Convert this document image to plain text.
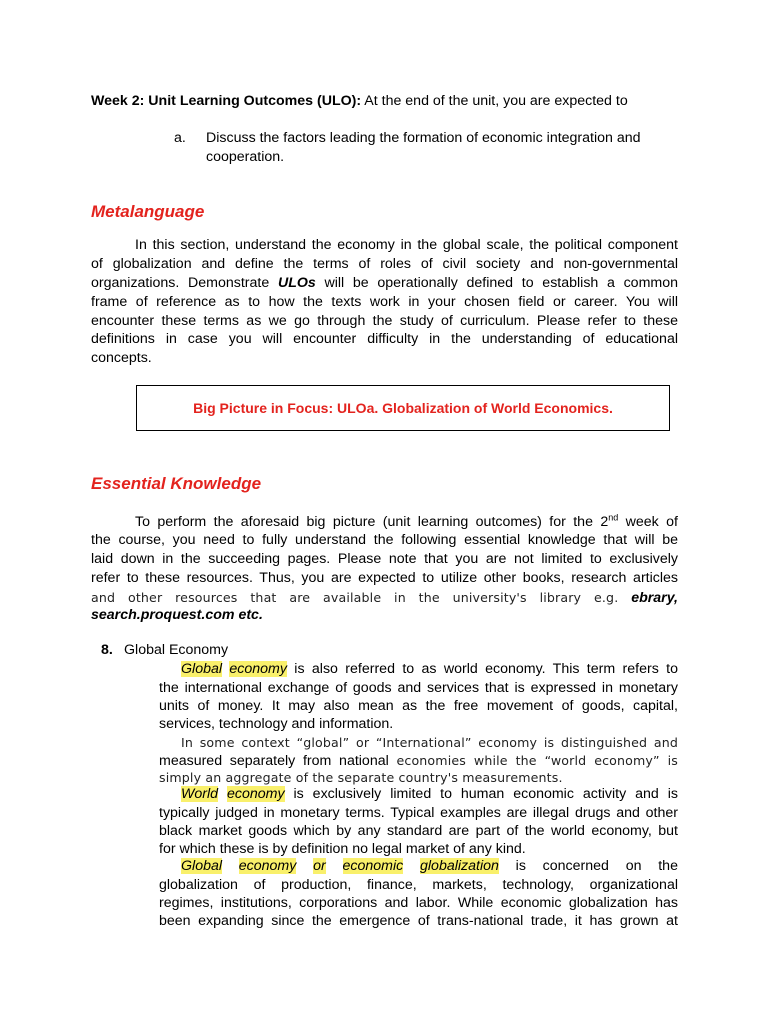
Week 2: Unit Learning Outcomes (ULO): At the end of the unit, you are expected to
a. Discuss the factors leading the formation of economic integration and
cooperation.
Metalanguage
In this section, understand the economy in the global scale, the political component
of globalization and define the terms of roles of civil society and non-governmental
organizations. Demonstrate ULOs will be operationally defined to establish a common
frame of reference as to how the texts work in your chosen field or career. You will
encounter these terms as we go through the study of curriculum. Please refer to these
definitions in case you will encounter difficulty in the understanding of educational
concepts.
Big Picture in Focus: ULOa. Globalization of World Economics.
Essential Knowledge
To perform the aforesaid big picture (unit learning outcomes) for the 2nd week of
the course, you need to fully understand the following essential knowledge that will be
laid down in the succeeding pages. Please note that you are not limited to exclusively
refer to these resources. Thus, you are expected to utilize other books, research articles
and other resources that are available in the university's library e.g. ebrary,
search.proquest.com etc.
8. Global Economy
Global economy is also referred to as world economy. This term refers to
the international exchange of goods and services that is expressed in monetary
units of money. It may also mean as the free movement of goods, capital,
services, technology and information.
In some context “global” or “International” economy is distinguished and
measured separately from national economies while the “world economy” is
simply an aggregate of the separate country's measurements.
World economy is exclusively limited to human economic activity and is
typically judged in monetary terms. Typical examples are illegal drugs and other
black market goods which by any standard are part of the world economy, but
for which these is by definition no legal market of any kind.
Global economy or economic globalization is concerned on the
globalization of production, finance, markets, technology, organizational
regimes, institutions, corporations and labor. While economic globalization has
been expanding since the emergence of trans-national trade, it has grown at
